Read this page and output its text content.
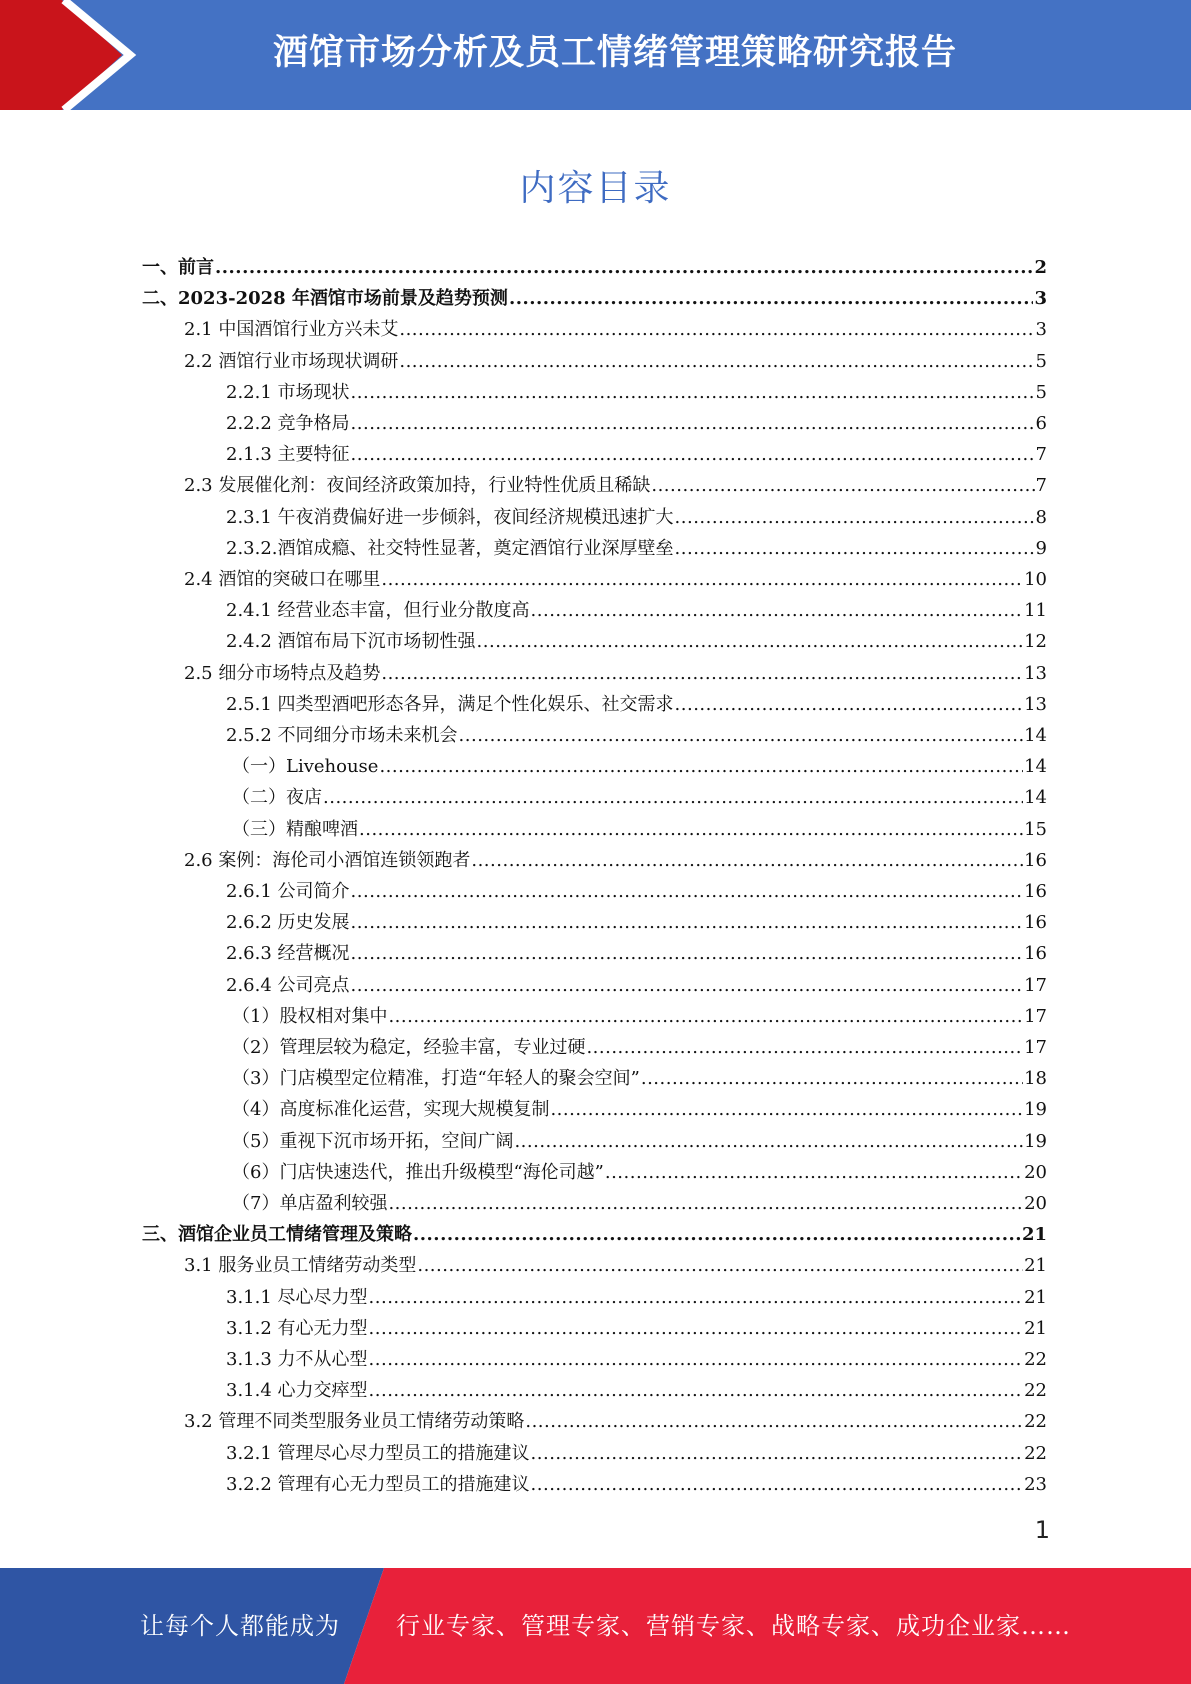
酒馆市场分析及员工情绪管理策略研究报告
内容目录
一、前言 .....	2
二、2023-2028 年酒馆市场前景及趋势预测 .....	3
2.1 中国酒馆行业方兴未艾 .....	3
2.2 酒馆行业市场现状调研 .....	5
2.2.1 市场现状 .....	5
2.2.2 竞争格局 .....	6
2.1.3 主要特征 .....	7
2.3 发展催化剂：夜间经济政策加持，行业特性优质且稀缺 .....	7
2.3.1 午夜消费偏好进一步倾斜，夜间经济规模迅速扩大 .....	8
2.3.2.酒馆成瘾、社交特性显著，奠定酒馆行业深厚壁垒 .....	9
2.4 酒馆的突破口在哪里 .....	10
2.4.1 经营业态丰富，但行业分散度高 .....	11
2.4.2 酒馆布局下沉市场韧性强 .....	12
2.5 细分市场特点及趋势 .....	13
2.5.1 四类型酒吧形态各异，满足个性化娱乐、社交需求 .....	13
2.5.2 不同细分市场未来机会 .....	14
（一）Livehouse .....	14
（二）夜店 .....	14
（三）精酿啤酒 .....	15
2.6 案例：海伦司小酒馆连锁领跑者 .....	16
2.6.1 公司简介 .....	16
2.6.2 历史发展 .....	16
2.6.3 经营概况 .....	16
2.6.4 公司亮点 .....	17
（1）股权相对集中 .....	17
（2）管理层较为稳定，经验丰富，专业过硬 .....	17
（3）门店模型定位精准，打造“年轻人的聚会空间” .....	18
（4）高度标准化运营，实现大规模复制 .....	19
（5）重视下沉市场开拓，空间广阔 .....	19
（6）门店快速迭代，推出升级模型“海伦司越” .....	20
（7）单店盈利较强 .....	20
三、酒馆企业员工情绪管理及策略 .....	21
3.1 服务业员工情绪劳动类型 .....	21
3.1.1 尽心尽力型 .....	21
3.1.2 有心无力型 .....	21
3.1.3 力不从心型 .....	22
3.1.4 心力交瘁型 .....	22
3.2 管理不同类型服务业员工情绪劳动策略 .....	22
3.2.1 管理尽心尽力型员工的措施建议 .....	22
3.2.2 管理有心无力型员工的措施建议 .....	23
1
让每个人都能成为 行业专家、管理专家、营销专家、战略专家、成功企业家……
